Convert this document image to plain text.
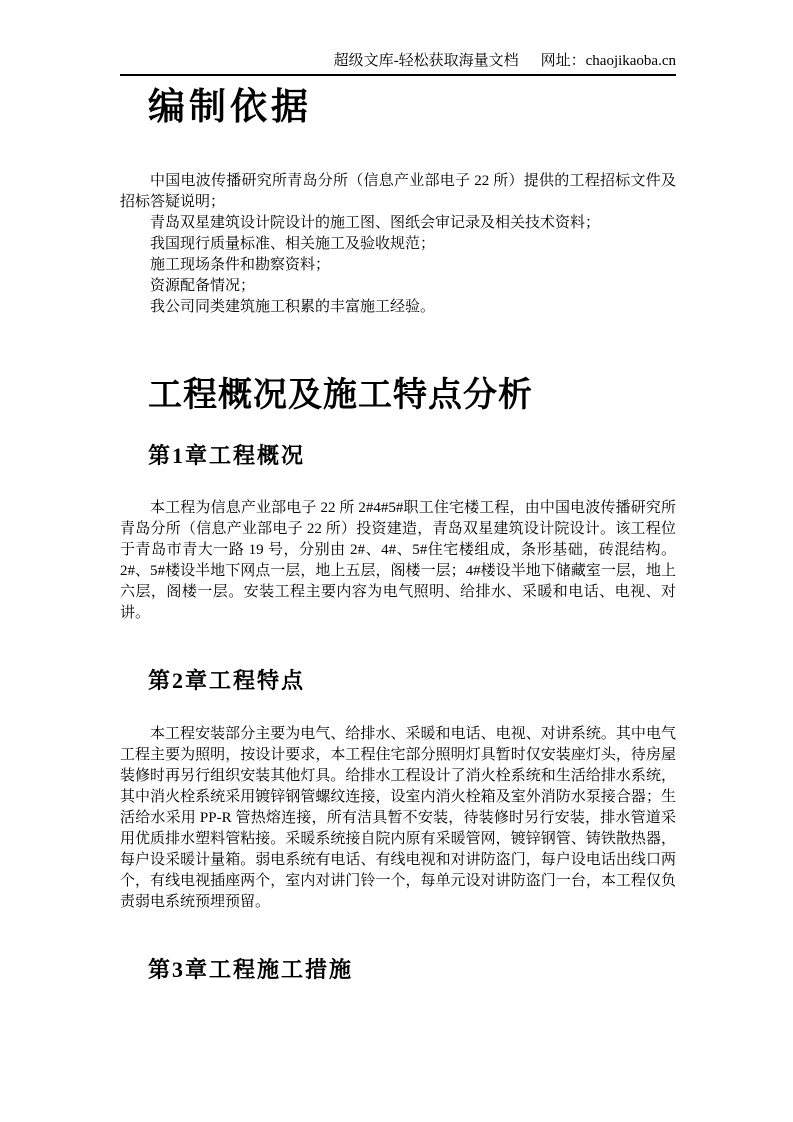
超级文库-轻松获取海量文档 网址：chaojikaoba.cn
编制依据

中国电波传播研究所青岛分所（信息产业部电子 22 所）提供的工程招标文件及招标答疑说明；

青岛双星建筑设计院设计的施工图、图纸会审记录及相关技术资料；

我国现行质量标准、相关施工及验收规范；

施工现场条件和勘察资料；

资源配备情况；

我公司同类建筑施工积累的丰富施工经验。

工程概况及施工特点分析
第1章工程概况

本工程为信息产业部电子 22 所 2#4#5#职工住宅楼工程，由中国电波传播研究所青岛分所（信息产业部电子 22 所）投资建造，青岛双星建筑设计院设计。该工程位于青岛市青大一路 19 号，分别由 2#、4#、5#住宅楼组成，条形基础，砖混结构。2#、5#楼设半地下网点一层，地上五层，阁楼一层；4#楼设半地下储藏室一层，地上六层，阁楼一层。安装工程主要内容为电气照明、给排水、采暖和电话、电视、对讲。

第2章工程特点

本工程安装部分主要为电气、给排水、采暖和电话、电视、对讲系统。其中电气工程主要为照明，按设计要求，本工程住宅部分照明灯具暂时仅安装座灯头，待房屋装修时再另行组织安装其他灯具。给排水工程设计了消火栓系统和生活给排水系统，其中消火栓系统采用镀锌钢管螺纹连接，设室内消火栓箱及室外消防水泵接合器；生活给水采用 PP-R 管热熔连接，所有洁具暂不安装，待装修时另行安装，排水管道采用优质排水塑料管粘接。采暖系统接自院内原有采暖管网，镀锌钢管、铸铁散热器，每户设采暖计量箱。弱电系统有电话、有线电视和对讲防盗门，每户设电话出线口两个，有线电视插座两个，室内对讲门铃一个，每单元设对讲防盗门一台，本工程仅负责弱电系统预埋预留。

第3章工程施工措施
